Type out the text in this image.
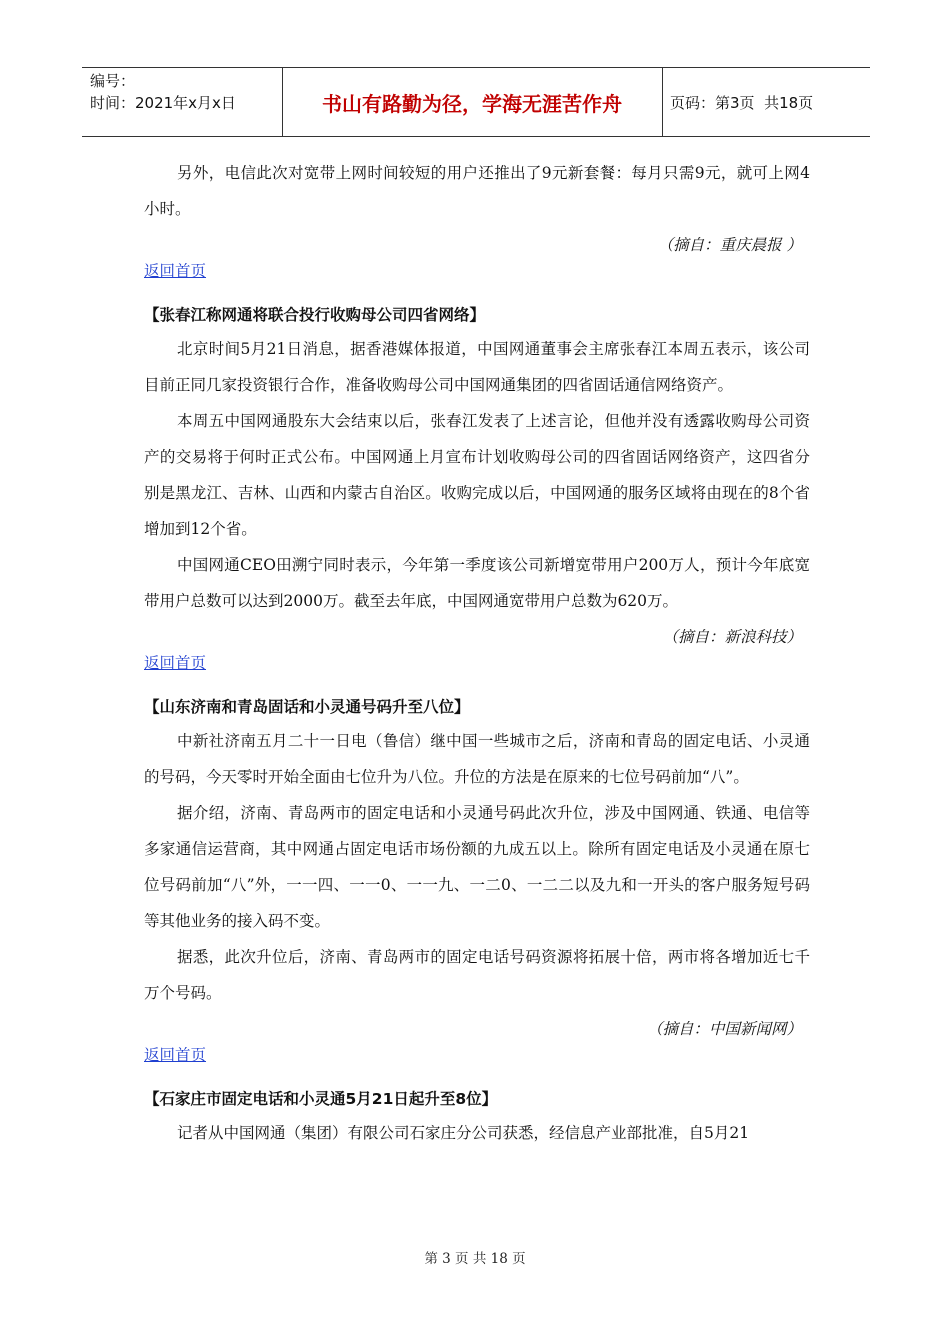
编号：
时间：2021年x月x日	书山有路勤为径，学海无涯苦作舟	页码：第3页  共18页

另外，电信此次对宽带上网时间较短的用户还推出了9元新套餐：每月只需9元，就可上网4小时。

（摘自：重庆晨报 ）

返回首页
【张春江称网通将联合投行收购母公司四省网络】

北京时间5月21日消息，据香港媒体报道，中国网通董事会主席张春江本周五表示，该公司目前正同几家投资银行合作，准备收购母公司中国网通集团的四省固话通信网络资产。

本周五中国网通股东大会结束以后，张春江发表了上述言论，但他并没有透露收购母公司资产的交易将于何时正式公布。中国网通上月宣布计划收购母公司的四省固话网络资产，这四省分别是黑龙江、吉林、山西和内蒙古自治区。收购完成以后，中国网通的服务区域将由现在的8个省增加到12个省。

中国网通CEO田溯宁同时表示，今年第一季度该公司新增宽带用户200万人，预计今年底宽带用户总数可以达到2000万。截至去年底，中国网通宽带用户总数为620万。

（摘自：新浪科技）

返回首页
【山东济南和青岛固话和小灵通号码升至八位】

中新社济南五月二十一日电（鲁信）继中国一些城市之后，济南和青岛的固定电话、小灵通的号码，今天零时开始全面由七位升为八位。升位的方法是在原来的七位号码前加“八”。

据介绍，济南、青岛两市的固定电话和小灵通号码此次升位，涉及中国网通、铁通、电信等多家通信运营商，其中网通占固定电话市场份额的九成五以上。除所有固定电话及小灵通在原七位号码前加“八”外，一一四、一一0、一一九、一二0、一二二以及九和一开头的客户服务短号码等其他业务的接入码不变。

据悉，此次升位后，济南、青岛两市的固定电话号码资源将拓展十倍，两市将各增加近七千万个号码。

（摘自：中国新闻网）

返回首页
【石家庄市固定电话和小灵通5月21日起升至8位】

记者从中国网通（集团）有限公司石家庄分公司获悉，经信息产业部批准，自5月21

第 3 页 共 18 页
